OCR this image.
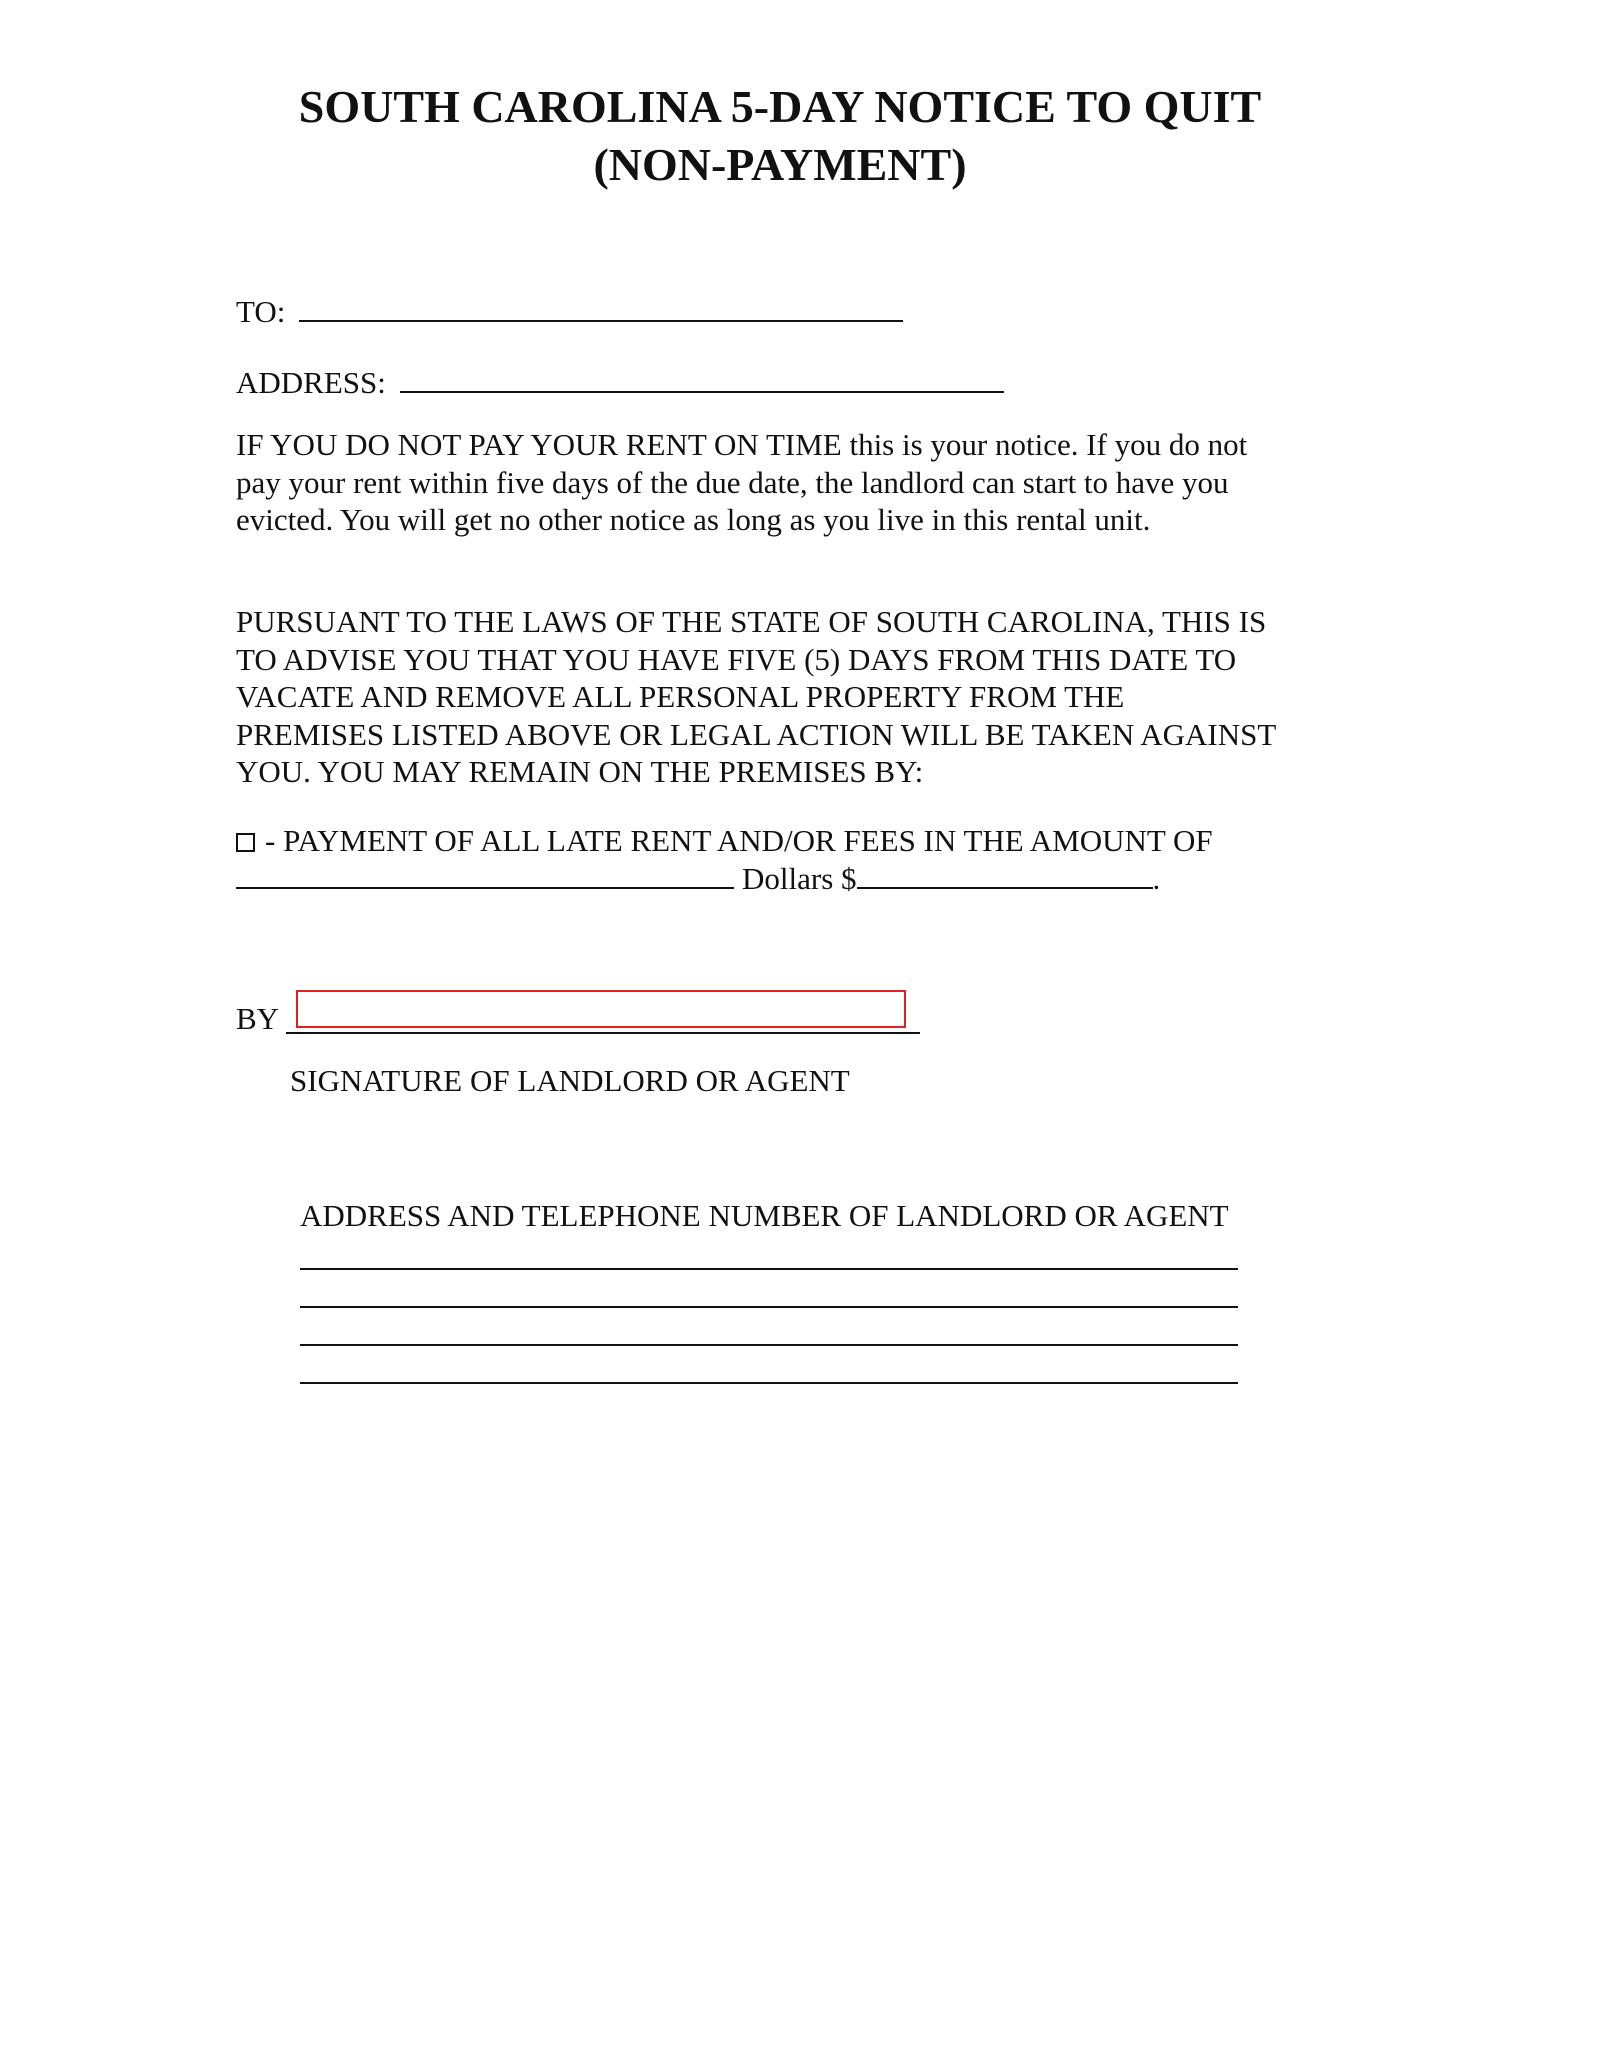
SOUTH CAROLINA 5-DAY NOTICE TO QUIT
(NON-PAYMENT)
TO:
ADDRESS:
IF YOU DO NOT PAY YOUR RENT ON TIME this is your notice. If you do not
pay your rent within five days of the due date, the landlord can start to have you
evicted. You will get no other notice as long as you live in this rental unit.
PURSUANT TO THE LAWS OF THE STATE OF SOUTH CAROLINA, THIS IS
TO ADVISE YOU THAT YOU HAVE FIVE (5) DAYS FROM THIS DATE TO
VACATE AND REMOVE ALL PERSONAL PROPERTY FROM THE
PREMISES LISTED ABOVE OR LEGAL ACTION WILL BE TAKEN AGAINST
YOU. YOU MAY REMAIN ON THE PREMISES BY:
- PAYMENT OF ALL LATE RENT AND/OR FEES IN THE AMOUNT OF
Dollars $	.
BY
SIGNATURE OF LANDLORD OR AGENT
ADDRESS AND TELEPHONE NUMBER OF LANDLORD OR AGENT
